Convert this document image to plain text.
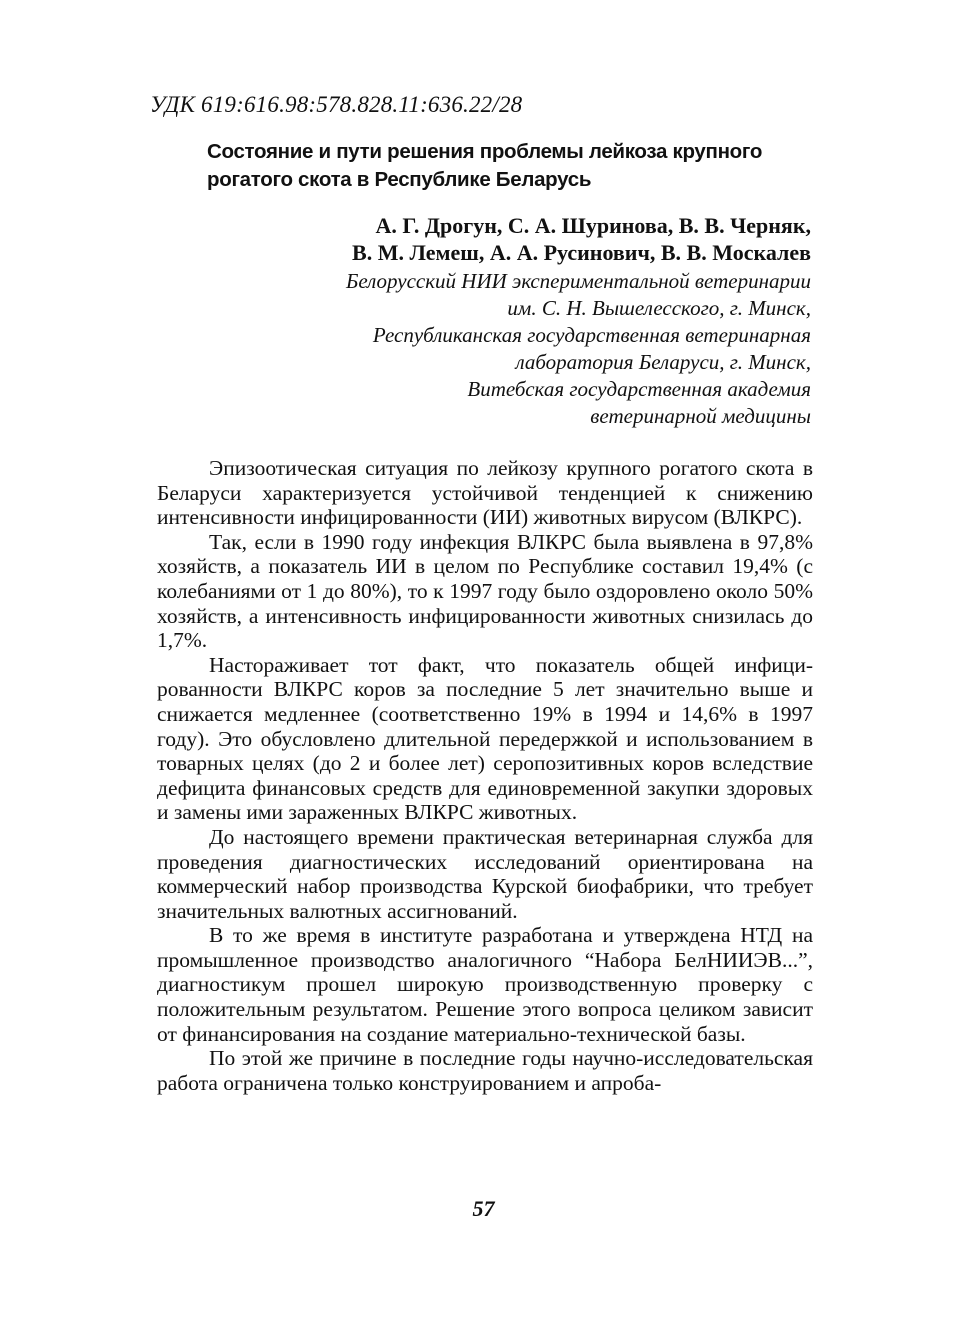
УДК 619:616.98:578.828.11:636.22/28
Состояние и пути решения проблемы лейкоза крупного
рогатого скота в Республике Беларусь
А. Г. Дрогун, С. А. Шуринова, В. В. Черняк,
В. М. Лемеш, А. А. Русинович, В. В. Москалев
Белорусский НИИ экспериментальной ветеринарии
им. С. Н. Вышелесского, г. Минск,
Республиканская государственная ветеринарная
лаборатория Беларуси, г. Минск,
Витебская государственная академия
ветеринарной медицины

Эпизоотическая ситуация по лейкозу крупного рогатого скота в Беларуси характеризуется устойчивой тенденцией к снижению интенсивности инфицированности (ИИ) животных вирусом (ВЛКРС).

Так, если в 1990 году инфекция ВЛКРС была выявлена в 97,8% хозяйств, а показатель ИИ в целом по Республике составил 19,4% (с колебаниями от 1 до 80%), то к 1997 году было оздоровлено около 50% хозяйств, а интенсивность инфицированности животных снизилась до 1,7%.

Настораживает тот факт, что показатель общей инфицированности ВЛКРС коров за последние 5 лет значительно выше и снижается медленнее (соответственно 19% в 1994 и 14,6% в 1997 году). Это обусловлено длительной передержкой и использованием в товарных целях (до 2 и более лет) серопозитивных коров вследствие дефицита финансовых средств для единовременной закупки здоровых и замены ими зараженных ВЛКРС животных.

До настоящего времени практическая ветеринарная служба для проведения диагностических исследований ориентирована на коммерческий набор производства Курской биофабрики, что требует значительных валютных ассигнований.

В то же время в институте разработана и утверждена НТД на промышленное производство аналогичного “Набора БелНИИЭВ...”, диагностикум прошел широкую производственную проверку с положительным результатом. Решение этого вопроса целиком зависит от финансирования на создание материально-технической базы.

По этой же причине в последние годы научно-исследовательская работа ограничена только конструированием и апроба-

57
